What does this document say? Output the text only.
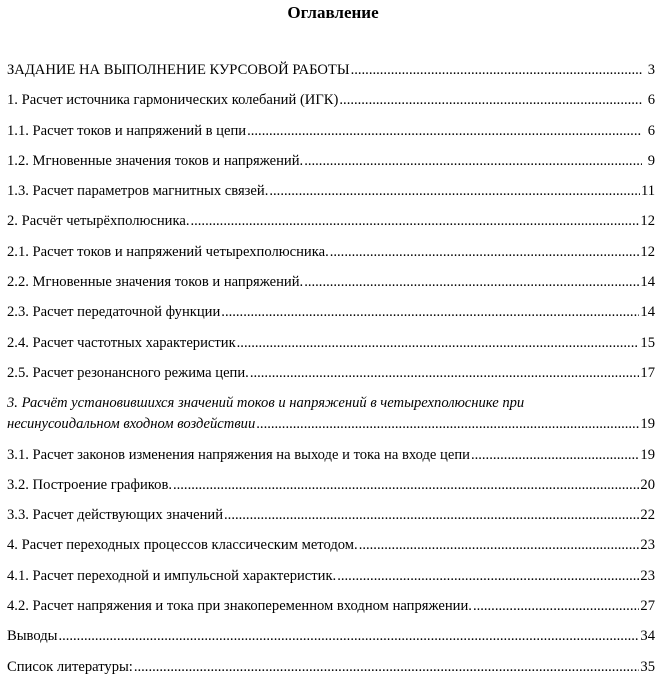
Оглавление
ЗАДАНИЕ НА ВЫПОЛНЕНИЕ КУРСОВОЙ РАБОТЫ .....	3
1. Расчет источника гармонических колебаний (ИГК) .....	6
1.1. Расчет токов и напряжений в цепи .....	6
1.2. Мгновенные значения токов и напряжений. .....	9
1.3. Расчет параметров магнитных связей. .....	11
2. Расчёт четырёхполюсника. .....	12
2.1. Расчет токов и напряжений четырехполюсника. .....	12
2.2. Мгновенные значения токов и напряжений. .....	14
2.3. Расчет передаточной функции .....	14
2.4. Расчет частотных характеристик .....	15
2.5. Расчет резонансного режима цепи. .....	17
3. Расчёт установившихся значений токов и напряжений в четырехполюснике при
несинусоидальном входном воздействии .....	19
3.1. Расчет законов изменения напряжения на выходе и тока на входе цепи .....	19
3.2. Построение графиков. .....	20
3.3. Расчет действующих значений .....	22
4. Расчет переходных процессов классическим методом. .....	23
4.1. Расчет переходной и импульсной характеристик. .....	23
4.2. Расчет напряжения и тока при знакопеременном входном напряжении. .....	27
Выводы .....	34
Список литературы: .....	35
